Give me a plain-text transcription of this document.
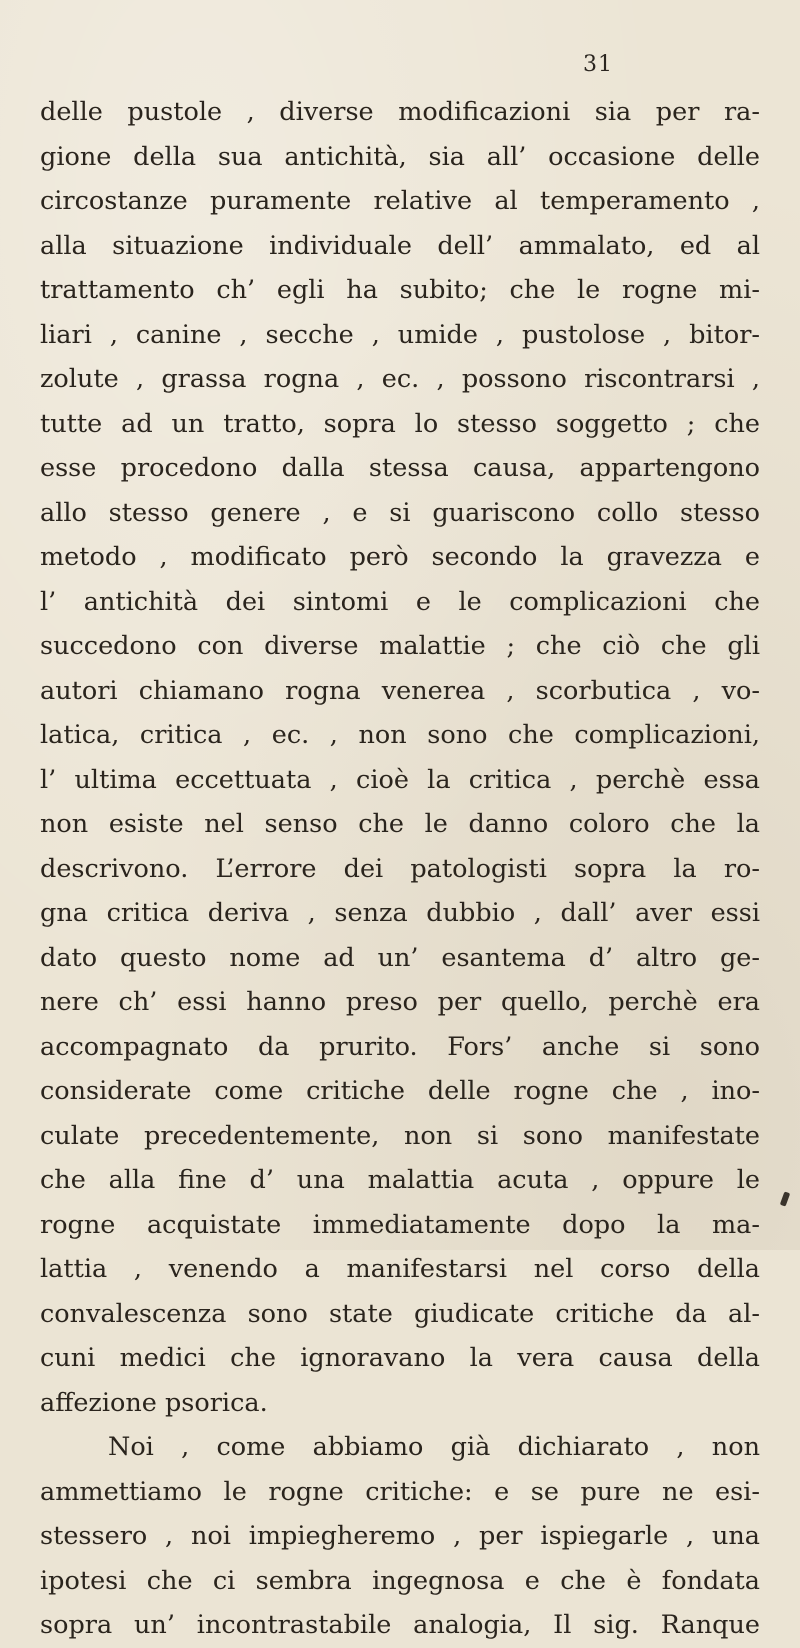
31
delle pustole , diverse modificazioni sia per ra-
gione della sua antichità, sia all’ occasione delle
circostanze puramente relative al temperamento ,
alla situazione individuale dell’ ammalato, ed al
trattamento ch’ egli ha subito; che le rogne mi-
liari , canine , secche , umide , pustolose , bitor-
zolute , grassa rogna , ec. , possono riscontrarsi ,
tutte ad un tratto, sopra lo stesso soggetto ; che
esse procedono dalla stessa causa, appartengono
allo stesso genere , e si guariscono collo stesso
metodo , modificato però secondo la gravezza e
l’ antichità dei sintomi e le complicazioni che
succedono con diverse malattie ; che ciò che gli
autori chiamano rogna venerea , scorbutica , vo-
latica, critica , ec. , non sono che complicazioni,
l’ ultima eccettuata , cioè la critica , perchè essa
non esiste nel senso che le danno coloro che la
descrivono. L’errore dei patologisti sopra la ro-
gna critica deriva , senza dubbio , dall’ aver essi
dato questo nome ad un’ esantema d’ altro ge-
nere ch’ essi hanno preso per quello, perchè era
accompagnato da prurito. Fors’ anche si sono
considerate come critiche delle rogne che , ino-
culate precedentemente, non si sono manifestate
che alla fine d’ una malattia acuta , oppure le
rogne acquistate immediatamente dopo la ma-
lattia , venendo a manifestarsi nel corso della
convalescenza sono state giudicate critiche da al-
cuni medici che ignoravano la vera causa della
affezione psorica.
Noi , come abbiamo già dichiarato , non
ammettiamo le rogne critiche: e se pure ne esi-
stessero , noi impiegheremo , per ispiegarle , una
ipotesi che ci sembra ingegnosa e che è fondata
sopra un’ incontrastabile analogia, Il sig. Ranque
